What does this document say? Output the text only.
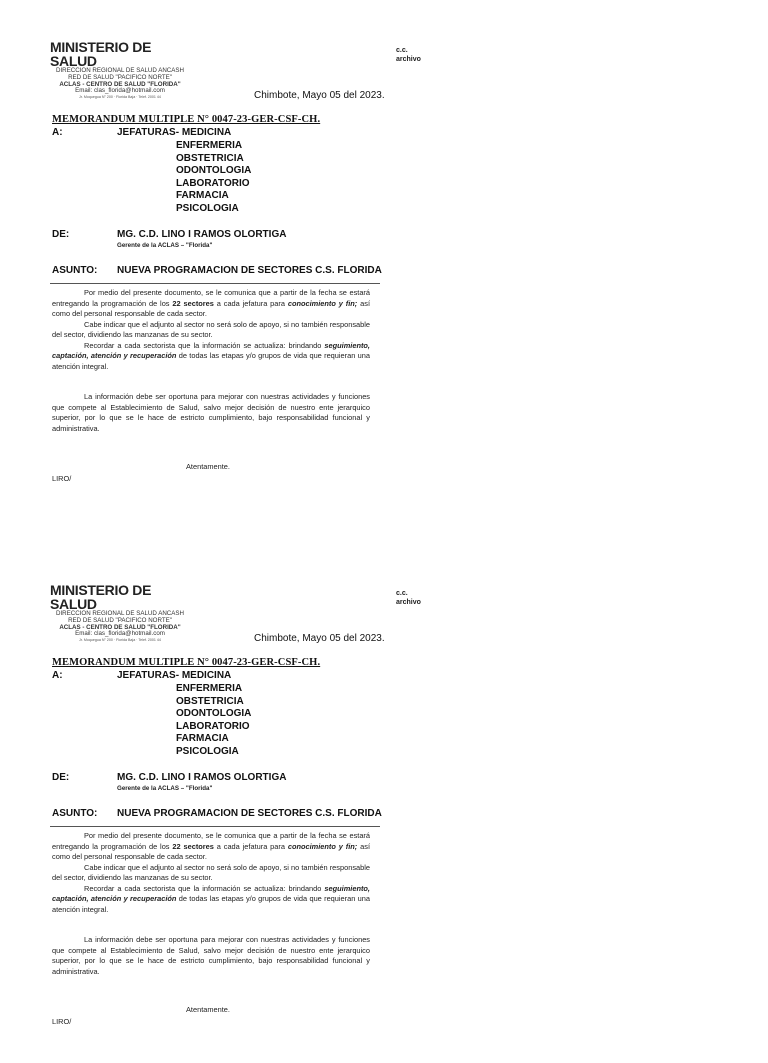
MINISTERIO DE SALUD
DIRECCION REGIONAL DE SALUD ANCASH
RED DE SALUD "PACIFICO NORTE"
ACLAS - CENTRO DE SALUD "FLORIDA"
Email: clas_florida@hotmail.com
Jr. Moquegua N° 200 · Florida Baja · Telef. 2001 44
c.c.
archivo
Chimbote, Mayo 05 del 2023.
MEMORANDUM MULTIPLE N° 0047-23-GER-CSF-CH.
A:	JEFATURAS- MEDICINA
ENFERMERIA
OBSTETRICIA
ODONTOLOGIA
LABORATORIO
FARMACIA
PSICOLOGIA
DE:	MG. C.D. LINO I RAMOS OLORTIGA
Gerente de la ACLAS – "Florida"
ASUNTO: NUEVA PROGRAMACION DE SECTORES C.S. FLORIDA

Por medio del presente documento, se le comunica que a partir de la fecha se estará entregando la programación de los 22 sectores a cada jefatura para conocimiento y fin; así como del personal responsable de cada sector.

Cabe indicar que el adjunto al sector no será solo de apoyo, si no también responsable del sector, dividiendo las manzanas de su sector.

Recordar a cada sectorista que la información se actualiza: brindando seguimiento, captación, atención y recuperación de todas las etapas y/o grupos de vida que requieran una atención integral.

La información debe ser oportuna para mejorar con nuestras actividades y funciones que compete al Establecimiento de Salud, salvo mejor decisión de nuestro ente jerarquico superior, por lo que se le hace de estricto cumplimiento, bajo responsabilidad funcional y administrativa.

Atentamente.
LIRO/
MINISTERIO DE SALUD
DIRECCION REGIONAL DE SALUD ANCASH
RED DE SALUD "PACIFICO NORTE"
ACLAS - CENTRO DE SALUD "FLORIDA"
Email: clas_florida@hotmail.com
Jr. Moquegua N° 200 · Florida Baja · Telef. 2001 44
c.c.
archivo
Chimbote, Mayo 05 del 2023.
MEMORANDUM MULTIPLE N° 0047-23-GER-CSF-CH.
A:	JEFATURAS- MEDICINA
ENFERMERIA
OBSTETRICIA
ODONTOLOGIA
LABORATORIO
FARMACIA
PSICOLOGIA
DE:	MG. C.D. LINO I RAMOS OLORTIGA
Gerente de la ACLAS – "Florida"
ASUNTO: NUEVA PROGRAMACION DE SECTORES C.S. FLORIDA

Por medio del presente documento, se le comunica que a partir de la fecha se estará entregando la programación de los 22 sectores a cada jefatura para conocimiento y fin; así como del personal responsable de cada sector.

Cabe indicar que el adjunto al sector no será solo de apoyo, si no también responsable del sector, dividiendo las manzanas de su sector.

Recordar a cada sectorista que la información se actualiza: brindando seguimiento, captación, atención y recuperación de todas las etapas y/o grupos de vida que requieran una atención integral.

La información debe ser oportuna para mejorar con nuestras actividades y funciones que compete al Establecimiento de Salud, salvo mejor decisión de nuestro ente jerarquico superior, por lo que se le hace de estricto cumplimiento, bajo responsabilidad funcional y administrativa.

Atentamente.
LIRO/
